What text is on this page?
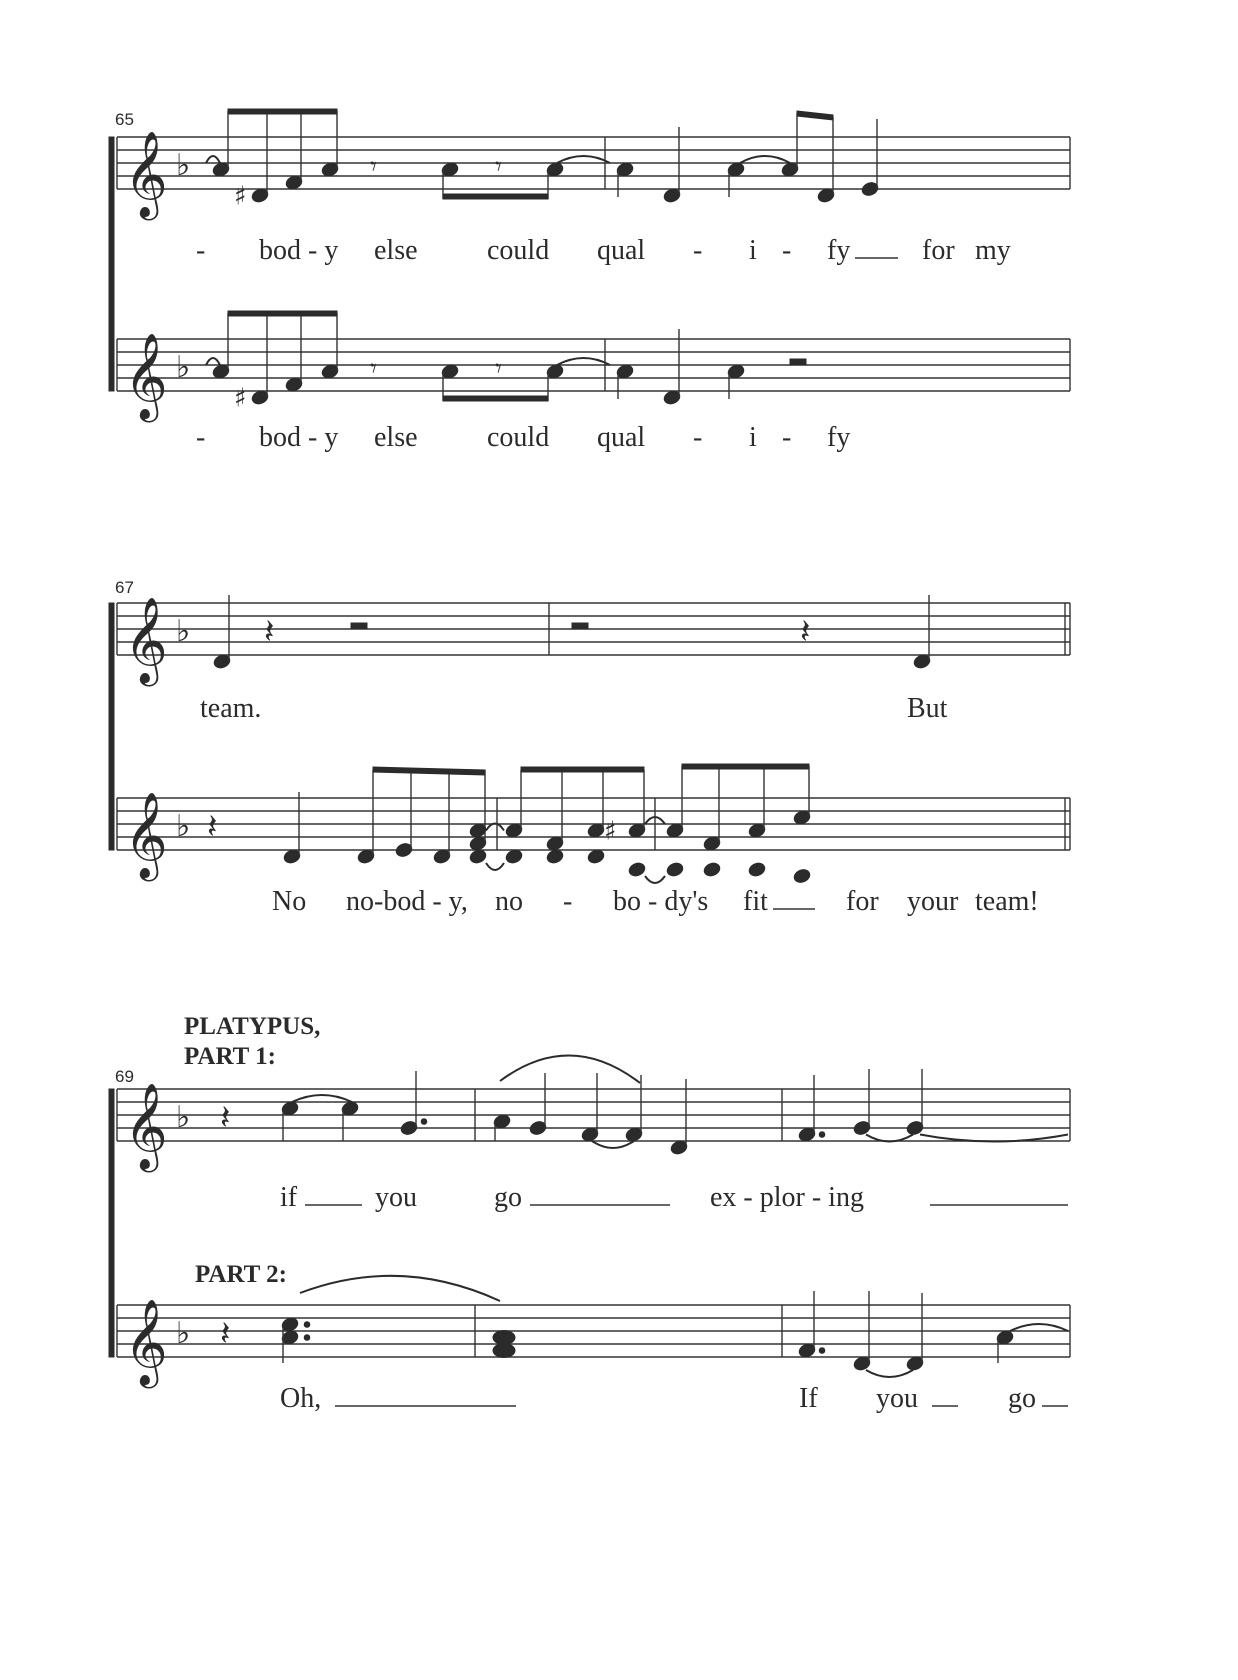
𝄞 ♭
𝄞 ♭
𝄞 ♭
𝄞 ♭
𝄞 ♭
𝄞 ♭
♯
𝄾	𝄾
♯
𝄾	𝄾
𝄽	𝄽
𝄽	♯
𝄽
𝄽
65
67
69
PLATYPUS,
PART 1:
PART 2:
- bod - y else could qual - i - fy	for my
- bod - y else could qual - i - fy
team.	But
No no-bod - y, no - bo - dy's fit	for your team!
if	you	go	ex - plor - ing
Oh,	If you	go
